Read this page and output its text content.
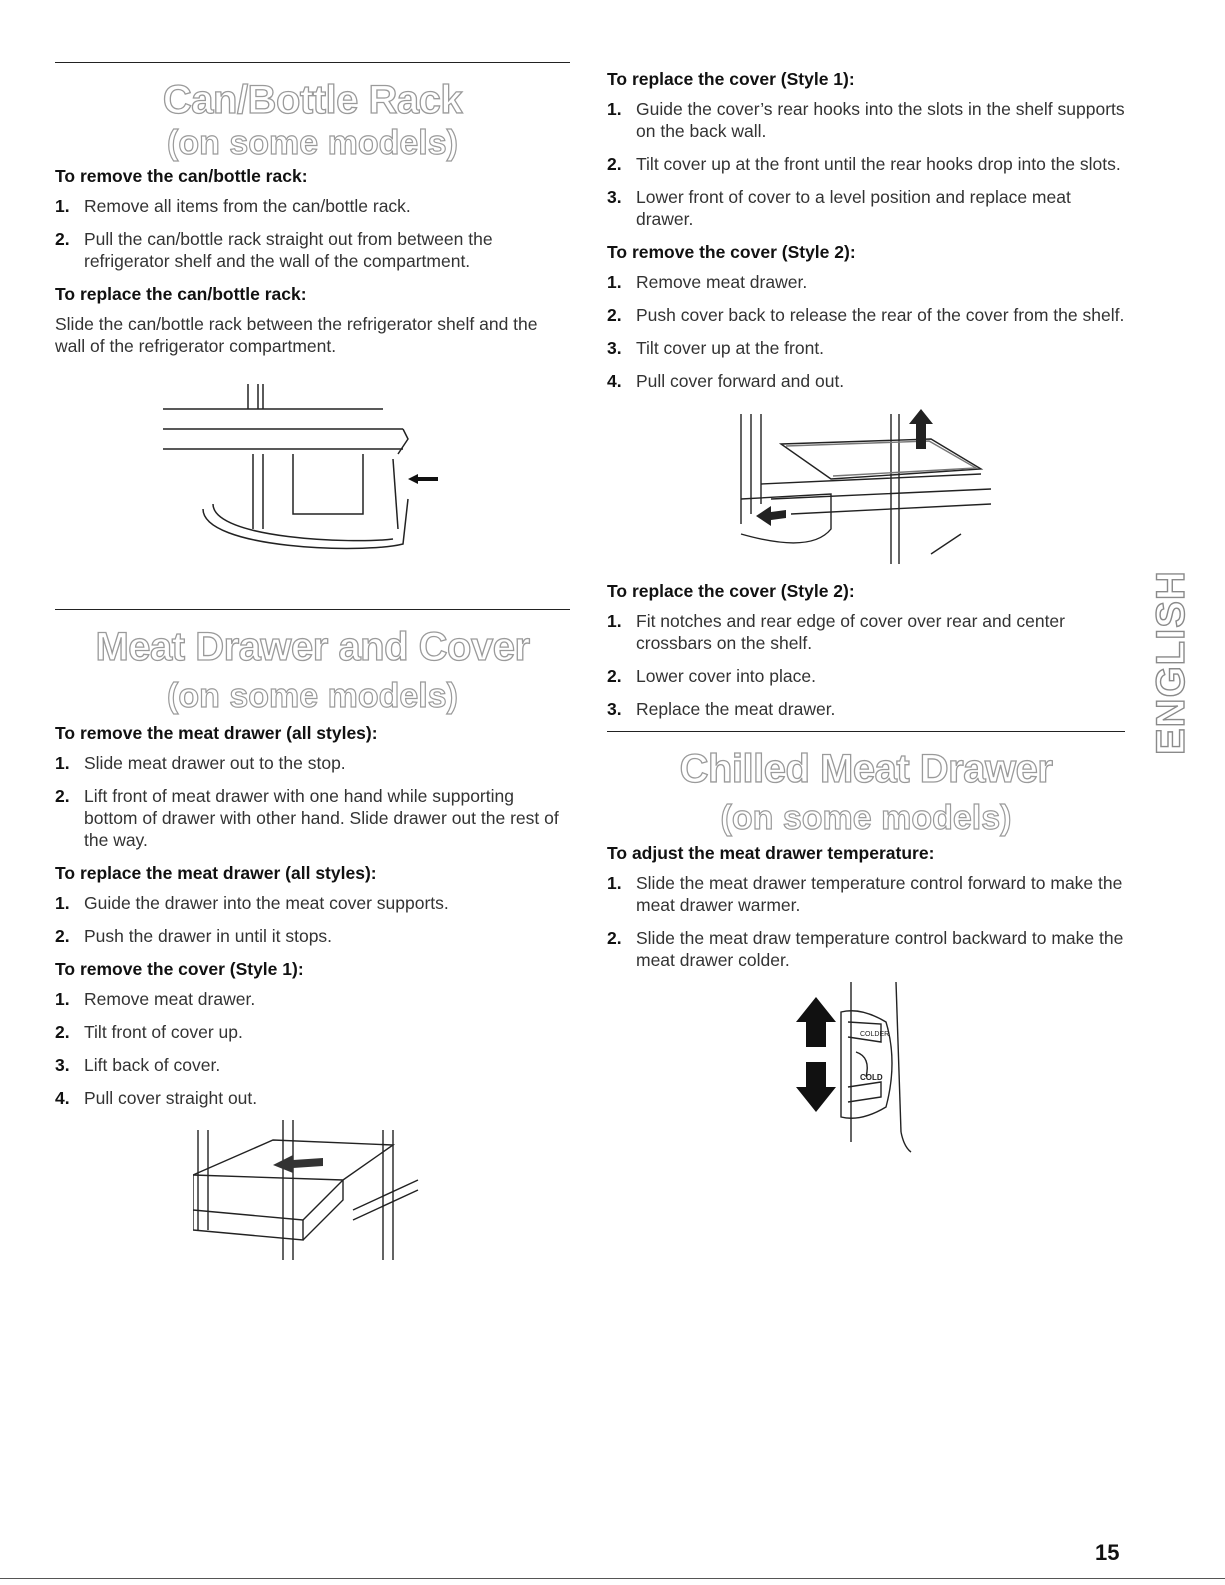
Can/Bottle Rack
(on some models)
To remove the can/bottle rack:
1. Remove all items from the can/bottle rack.
2. Pull the can/bottle rack straight out from between the refrigerator shelf and the wall of the compartment.
To replace the can/bottle rack:

Slide the can/bottle rack between the refrigerator shelf and the wall of the refrigerator compartment.

Meat Drawer and Cover
(on some models)
To remove the meat drawer (all styles):
1. Slide meat drawer out to the stop.
2. Lift front of meat drawer with one hand while supporting bottom of drawer with other hand. Slide drawer out the rest of the way.
To replace the meat drawer (all styles):
1. Guide the drawer into the meat cover supports.
2. Push the drawer in until it stops.
To remove the cover (Style 1):
1. Remove meat drawer.
2. Tilt front of cover up.
3. Lift back of cover.
4. Pull cover straight out.
To replace the cover (Style 1):
1. Guide the cover’s rear hooks into the slots in the shelf supports on the back wall.
2. Tilt cover up at the front until the rear hooks drop into the slots.
3. Lower front of cover to a level position and replace meat drawer.
To remove the cover (Style 2):
1. Remove meat drawer.
2. Push cover back to release the rear of the cover from the shelf.
3. Tilt cover up at the front.
4. Pull cover forward and out.
To replace the cover (Style 2):
1. Fit notches and rear edge of cover over rear and center crossbars on the shelf.
2. Lower cover into place.
3. Replace the meat drawer.
Chilled Meat Drawer
(on some models)
To adjust the meat drawer temperature:
1. Slide the meat drawer temperature control forward to make the meat drawer warmer.
2. Slide the meat draw temperature control backward to make the meat drawer colder.
COLDER
COLD
ENGLISH
15
